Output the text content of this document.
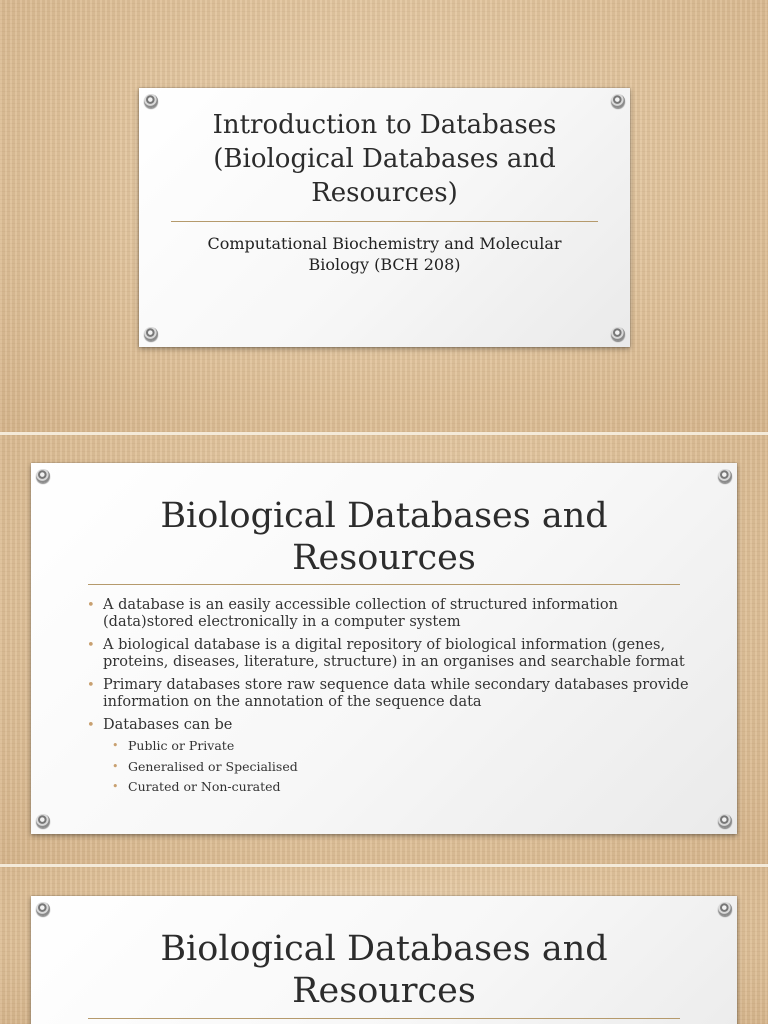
Introduction to Databases
(Biological Databases and
Resources)

Computational Biochemistry and Molecular
Biology (BCH 208)

Biological Databases and
Resources
• A database is an easily accessible collection of structured information
(data)stored electronically in a computer system
• A biological database is a digital repository of biological information (genes,
proteins, diseases, literature, structure) in an organises and searchable format
• Primary databases store raw sequence data while secondary databases provide
information on the annotation of the sequence data
• Databases can be
• Public or Private
• Generalised or Specialised
• Curated or Non-curated
Biological Databases and
Resources
